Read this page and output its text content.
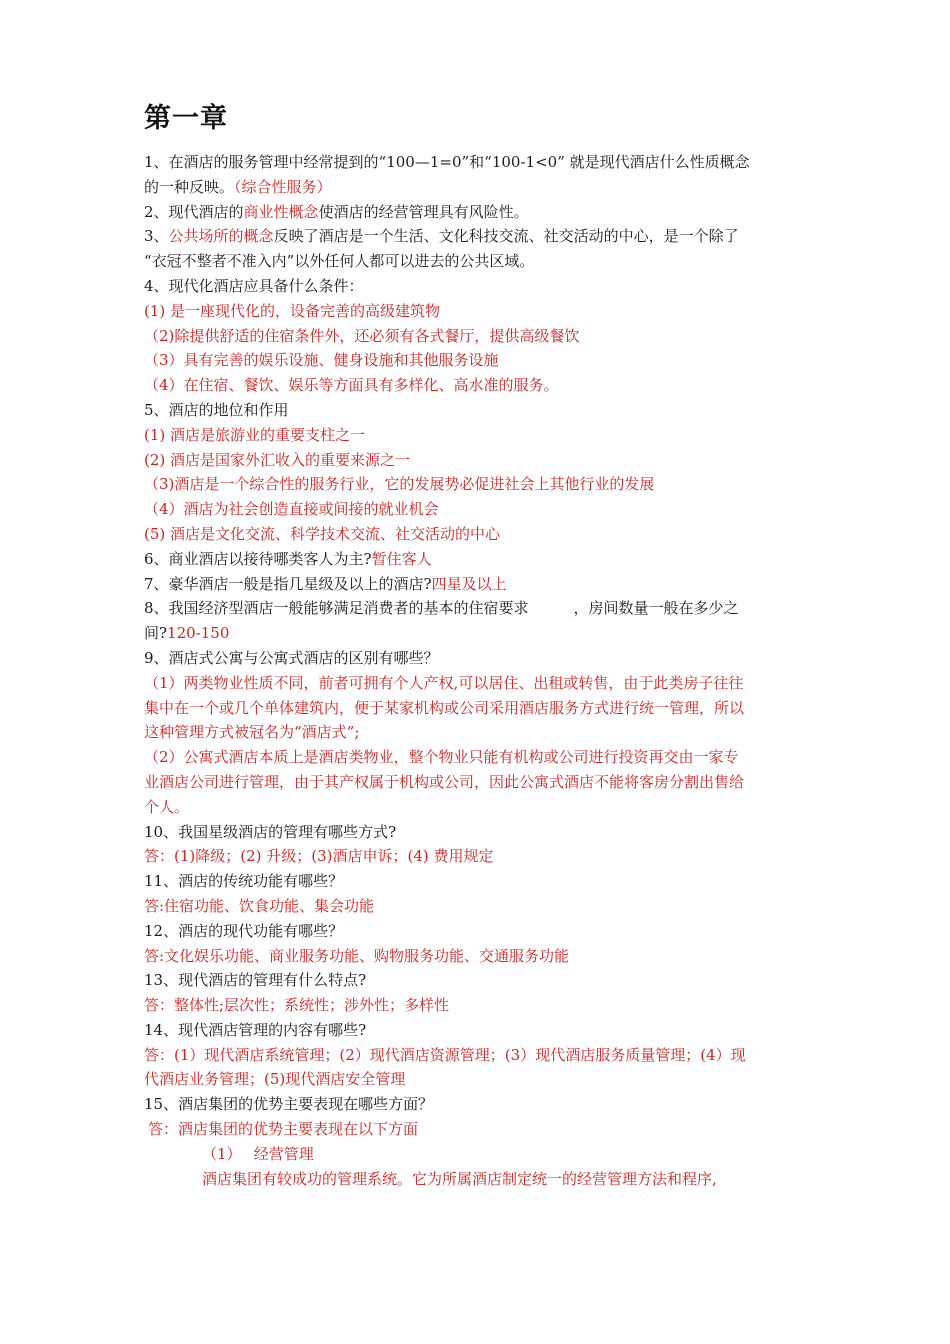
第一章
1、在酒店的服务管理中经常提到的“100—1=0”和“100-1<0” 就是现代酒店什么性质概念
的一种反映。（综合性服务）
2、现代酒店的商业性概念使酒店的经营管理具有风险性。
3、公共场所的概念反映了酒店是一个生活、文化科技交流、社交活动的中心，是一个除了
“衣冠不整者不准入内”以外任何人都可以进去的公共区域。
4、现代化酒店应具备什么条件：
(1) 是一座现代化的，设备完善的高级建筑物
（2)除提供舒适的住宿条件外，还必须有各式餐厅，提供高级餐饮
（3）具有完善的娱乐设施、健身设施和其他服务设施
（4）在住宿、餐饮、娱乐等方面具有多样化、高水准的服务。
5、酒店的地位和作用
(1) 酒店是旅游业的重要支柱之一
(2) 酒店是国家外汇收入的重要来源之一
（3)酒店是一个综合性的服务行业，它的发展势必促进社会上其他行业的发展
（4）酒店为社会创造直接或间接的就业机会
(5) 酒店是文化交流、科学技术交流、社交活动的中心
6、商业酒店以接待哪类客人为主?暂住客人
7、豪华酒店一般是指几星级及以上的酒店?四星及以上
8、我国经济型酒店一般能够满足消费者的基本的住宿要求　　　，房间数量一般在多少之
间?120-150
9、酒店式公寓与公寓式酒店的区别有哪些？
（1）两类物业性质不同，前者可拥有个人产权,可以居住、出租或转售，由于此类房子往往
集中在一个或几个单体建筑内，便于某家机构或公司采用酒店服务方式进行统一管理，所以
这种管理方式被冠名为“酒店式”;
（2）公寓式酒店本质上是酒店类物业，整个物业只能有机构或公司进行投资再交由一家专
业酒店公司进行管理，由于其产权属于机构或公司，因此公寓式酒店不能将客房分割出售给
个人。
10、我国星级酒店的管理有哪些方式?
答：(1)降级；(2) 升级；(3)酒店申诉；(4) 费用规定
11、酒店的传统功能有哪些？
答:住宿功能、饮食功能、集会功能
12、酒店的现代功能有哪些？
答:文化娱乐功能、商业服务功能、购物服务功能、交通服务功能
13、现代酒店的管理有什么特点?
答：整体性;层次性；系统性；涉外性；多样性
14、现代酒店管理的内容有哪些?
答：(1）现代酒店系统管理；(2）现代酒店资源管理；(3）现代酒店服务质量管理；(4）现
代酒店业务管理；(5)现代酒店安全管理
15、酒店集团的优势主要表现在哪些方面？
答：酒店集团的优势主要表现在以下方面
（1）　 经营管理
酒店集团有较成功的管理系统。它为所属酒店制定统一的经营管理方法和程序,
